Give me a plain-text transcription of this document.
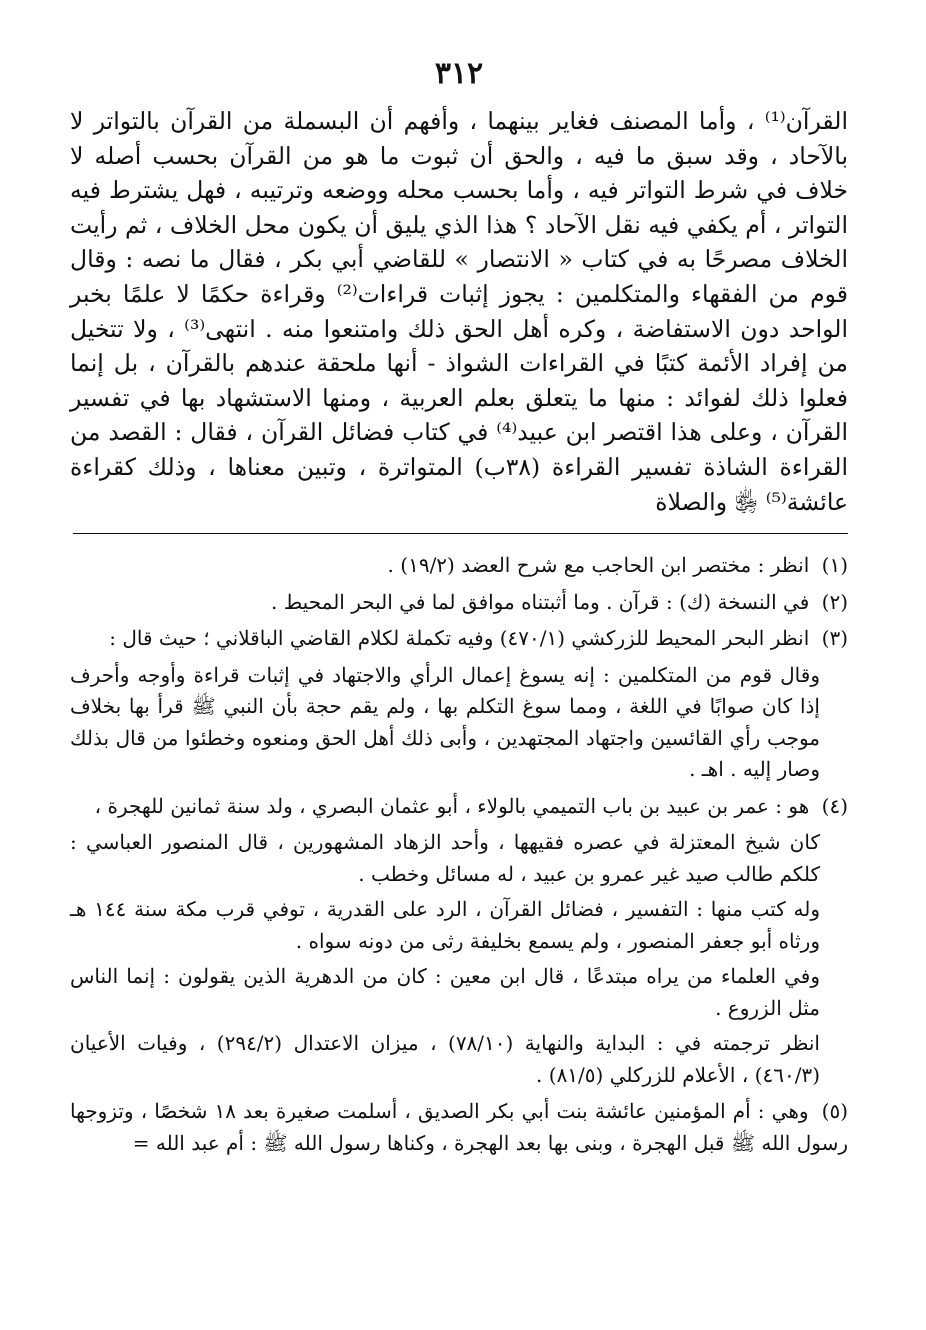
٣١٢

القرآن⁽¹⁾ ، وأما المصنف فغاير بينهما ، وأفهم أن البسملة من القرآن بالتواتر لا بالآحاد ، وقد سبق ما فيه ، والحق أن ثبوت ما هو من القرآن بحسب أصله لا خلاف في شرط التواتر فيه ، وأما بحسب محله ووضعه وترتيبه ، فهل يشترط فيه التواتر ، أم يكفي فيه نقل الآحاد ؟ هذا الذي يليق أن يكون محل الخلاف ، ثم رأيت الخلاف مصرحًا به في كتاب « الانتصار » للقاضي أبي بكر ، فقال ما نصه : وقال قوم من الفقهاء والمتكلمين : يجوز إثبات قراءات⁽²⁾ وقراءة حكمًا لا علمًا بخبر الواحد دون الاستفاضة ، وكره أهل الحق ذلك وامتنعوا منه . انتهى⁽³⁾ ، ولا تتخيل من إفراد الأئمة كتبًا في القراءات الشواذ - أنها ملحقة عندهم بالقرآن ، بل إنما فعلوا ذلك لفوائد : منها ما يتعلق بعلم العربية ، ومنها الاستشهاد بها في تفسير القرآن ، وعلى هذا اقتصر ابن عبيد⁽⁴⁾ في كتاب فضائل القرآن ، فقال : القصد من القراءة الشاذة تفسير القراءة (٣٨ب) المتواترة ، وتبين معناها ، وذلك كقراءة عائشة⁽⁵⁾ ﵂ والصلاة

(١) انظر : مختصر ابن الحاجب مع شرح العضد (١٩/٢) .
(٢) في النسخة (ك) : قرآن . وما أثبتناه موافق لما في البحر المحيط .
(٣) انظر البحر المحيط للزركشي (٤٧٠/١) وفيه تكملة لكلام القاضي الباقلاني ؛ حيث قال :

وقال قوم من المتكلمين : إنه يسوغ إعمال الرأي والاجتهاد في إثبات قراءة وأوجه وأحرف إذا كان صوابًا في اللغة ، ومما سوغ التكلم بها ، ولم يقم حجة بأن النبي ﷺ قرأ بها بخلاف موجب رأي القائسين واجتهاد المجتهدين ، وأبى ذلك أهل الحق ومنعوه وخطئوا من قال بذلك وصار إليه . اهـ .

(٤) هو : عمر بن عبيد بن باب التميمي بالولاء ، أبو عثمان البصري ، ولد سنة ثمانين للهجرة ،

كان شيخ المعتزلة في عصره فقيهها ، وأحد الزهاد المشهورين ، قال المنصور العباسي : كلكم طالب صيد غير عمرو بن عبيد ، له مسائل وخطب .

وله كتب منها : التفسير ، فضائل القرآن ، الرد على القدرية ، توفي قرب مكة سنة ١٤٤ هـ ورثاه أبو جعفر المنصور ، ولم يسمع بخليفة رثى من دونه سواه .

وفي العلماء من يراه مبتدعًا ، قال ابن معين : كان من الدهرية الذين يقولون : إنما الناس مثل الزروع .

انظر ترجمته في : البداية والنهاية (٧٨/١٠) ، ميزان الاعتدال (٢٩٤/٢) ، وفيات الأعيان (٤٦٠/٣) ، الأعلام للزركلي (٨١/٥) .

(٥) وهي : أم المؤمنين عائشة بنت أبي بكر الصديق ، أسلمت صغيرة بعد ١٨ شخصًا ، وتزوجها رسول الله ﷺ قبل الهجرة ، وبنى بها بعد الهجرة ، وكناها رسول الله ﷺ : أم عبد الله =
